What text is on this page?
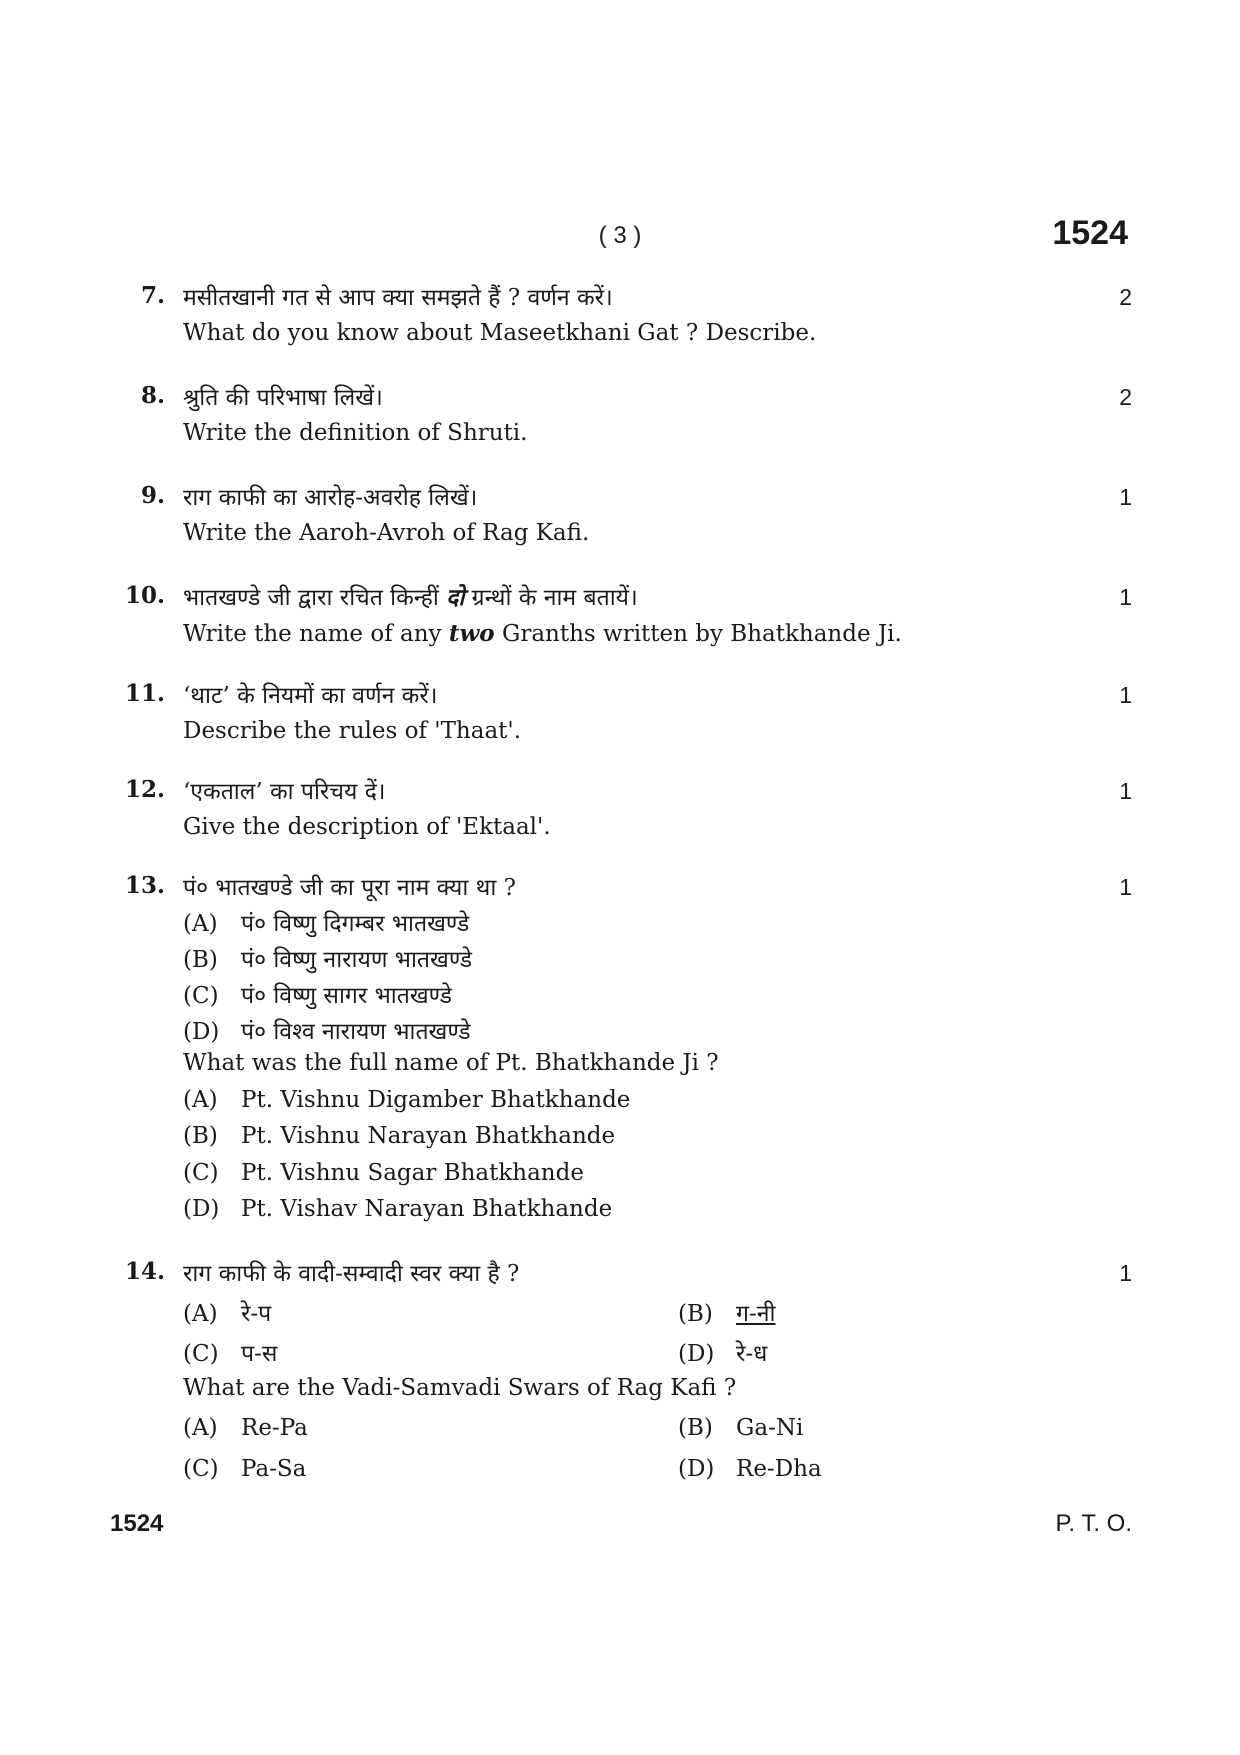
( 3 )	1524
7. मसीतखानी गत से आप क्या समझते हैं ? वर्णन करें।	2
What do you know about Maseetkhani Gat ? Describe.
8. श्रुति की परिभाषा लिखें।	2
Write the definition of Shruti.
9. राग काफी का आरोह-अवरोह लिखें।	1
Write the Aaroh-Avroh of Rag Kafi.
10. भातखण्डे जी द्वारा रचित किन्हीं दो ग्रन्थों के नाम बतायें।	1
Write the name of any two Granths written by Bhatkhande Ji.
11. ‘थाट’ के नियमों का वर्णन करें।	1
Describe the rules of 'Thaat'.
12. ‘एकताल’ का परिचय दें।	1
Give the description of 'Ektaal'.
13. पं० भातखण्डे जी का पूरा नाम क्या था ?	1
(A) पं० विष्णु दिगम्बर भातखण्डे
(B) पं० विष्णु नारायण भातखण्डे
(C) पं० विष्णु सागर भातखण्डे
(D) पं० विश्व नारायण भातखण्डे
What was the full name of Pt. Bhatkhande Ji ?
(A) Pt. Vishnu Digamber Bhatkhande
(B) Pt. Vishnu Narayan Bhatkhande
(C) Pt. Vishnu Sagar Bhatkhande
(D) Pt. Vishav Narayan Bhatkhande
14. राग काफी के वादी-सम्वादी स्वर क्या है ?	1
(A) रे-प	(B) ग-नी
(C) प-स	(D) रे-ध
What are the Vadi-Samvadi Swars of Rag Kafi ?
(A) Re-Pa	(B) Ga-Ni
(C) Pa-Sa	(D) Re-Dha
1524	P. T. O.
